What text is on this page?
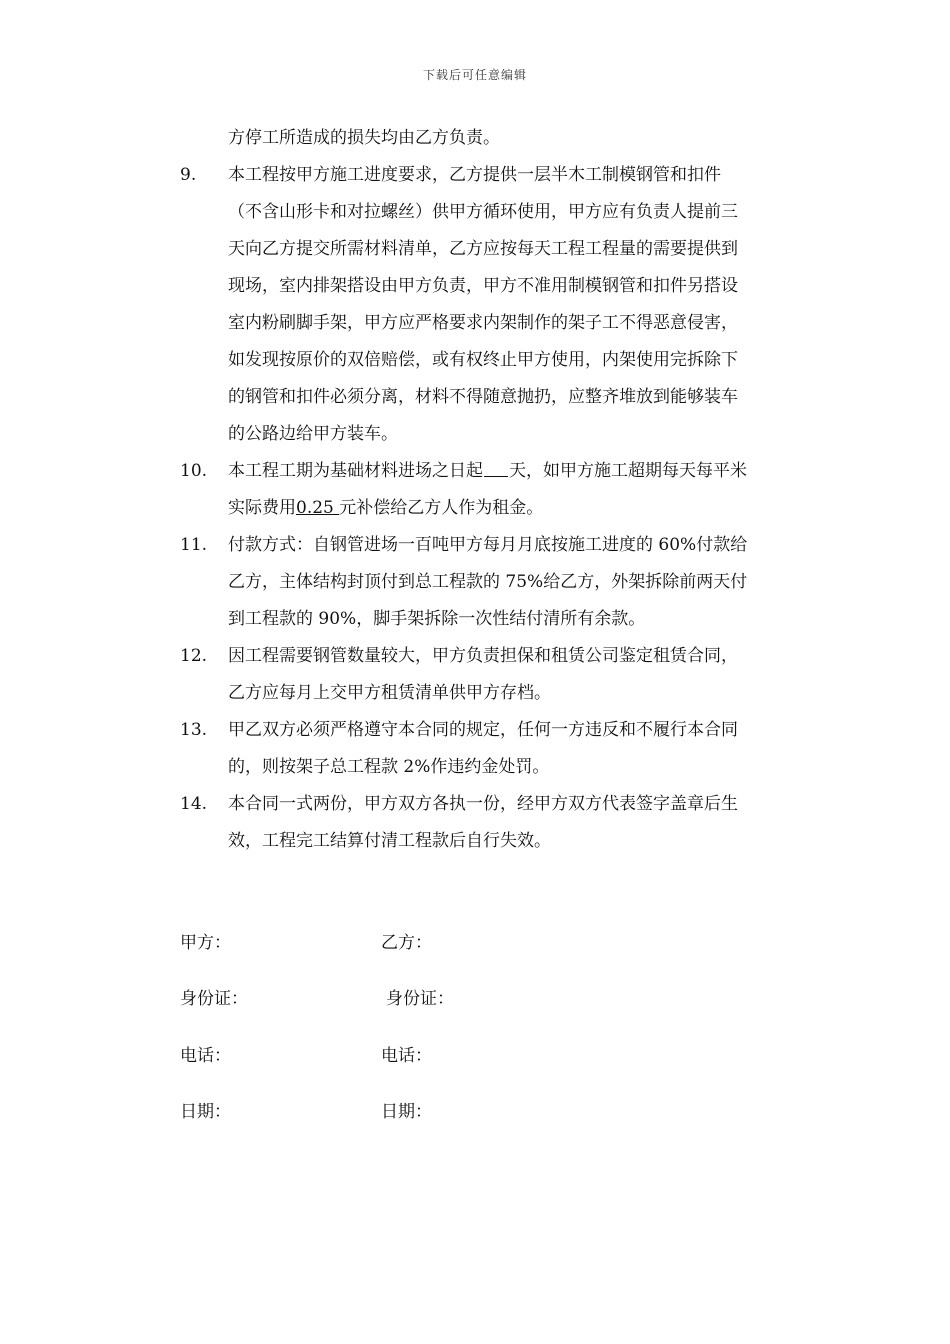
下载后可任意编辑
方停工所造成的损失均由乙方负责。
9.	本工程按甲方施工进度要求，乙方提供一层半木工制模钢管和扣件
（不含山形卡和对拉螺丝）供甲方循环使用，甲方应有负责人提前三
天向乙方提交所需材料清单，乙方应按每天工程工程量的需要提供到
现场，室内排架搭设由甲方负责，甲方不准用制模钢管和扣件另搭设
室内粉刷脚手架，甲方应严格要求内架制作的架子工不得恶意侵害，
如发现按原价的双倍赔偿，或有权终止甲方使用，内架使用完拆除下
的钢管和扣件必须分离，材料不得随意抛扔，应整齐堆放到能够装车
的公路边给甲方装车。
10.	本工程工期为基础材料进场之日起 天，如甲方施工超期每天每平米
实际费用0.25 元补偿给乙方人作为租金。
11.	付款方式：自钢管进场一百吨甲方每月月底按施工进度的 60%付款给
乙方，主体结构封顶付到总工程款的 75%给乙方，外架拆除前两天付
到工程款的 90%，脚手架拆除一次性结付清所有余款。
12.	因工程需要钢管数量较大，甲方负责担保和租赁公司鉴定租赁合同，
乙方应每月上交甲方租赁清单供甲方存档。
13.	甲乙双方必须严格遵守本合同的规定，任何一方违反和不履行本合同
的，则按架子总工程款 2%作违约金处罚。
14.	本合同一式两份，甲方双方各执一份，经甲方双方代表签字盖章后生
效，工程完工结算付清工程款后自行失效。
甲方：	乙方：
身份证：	身份证：
电话：	电话：
日期：	日期：
